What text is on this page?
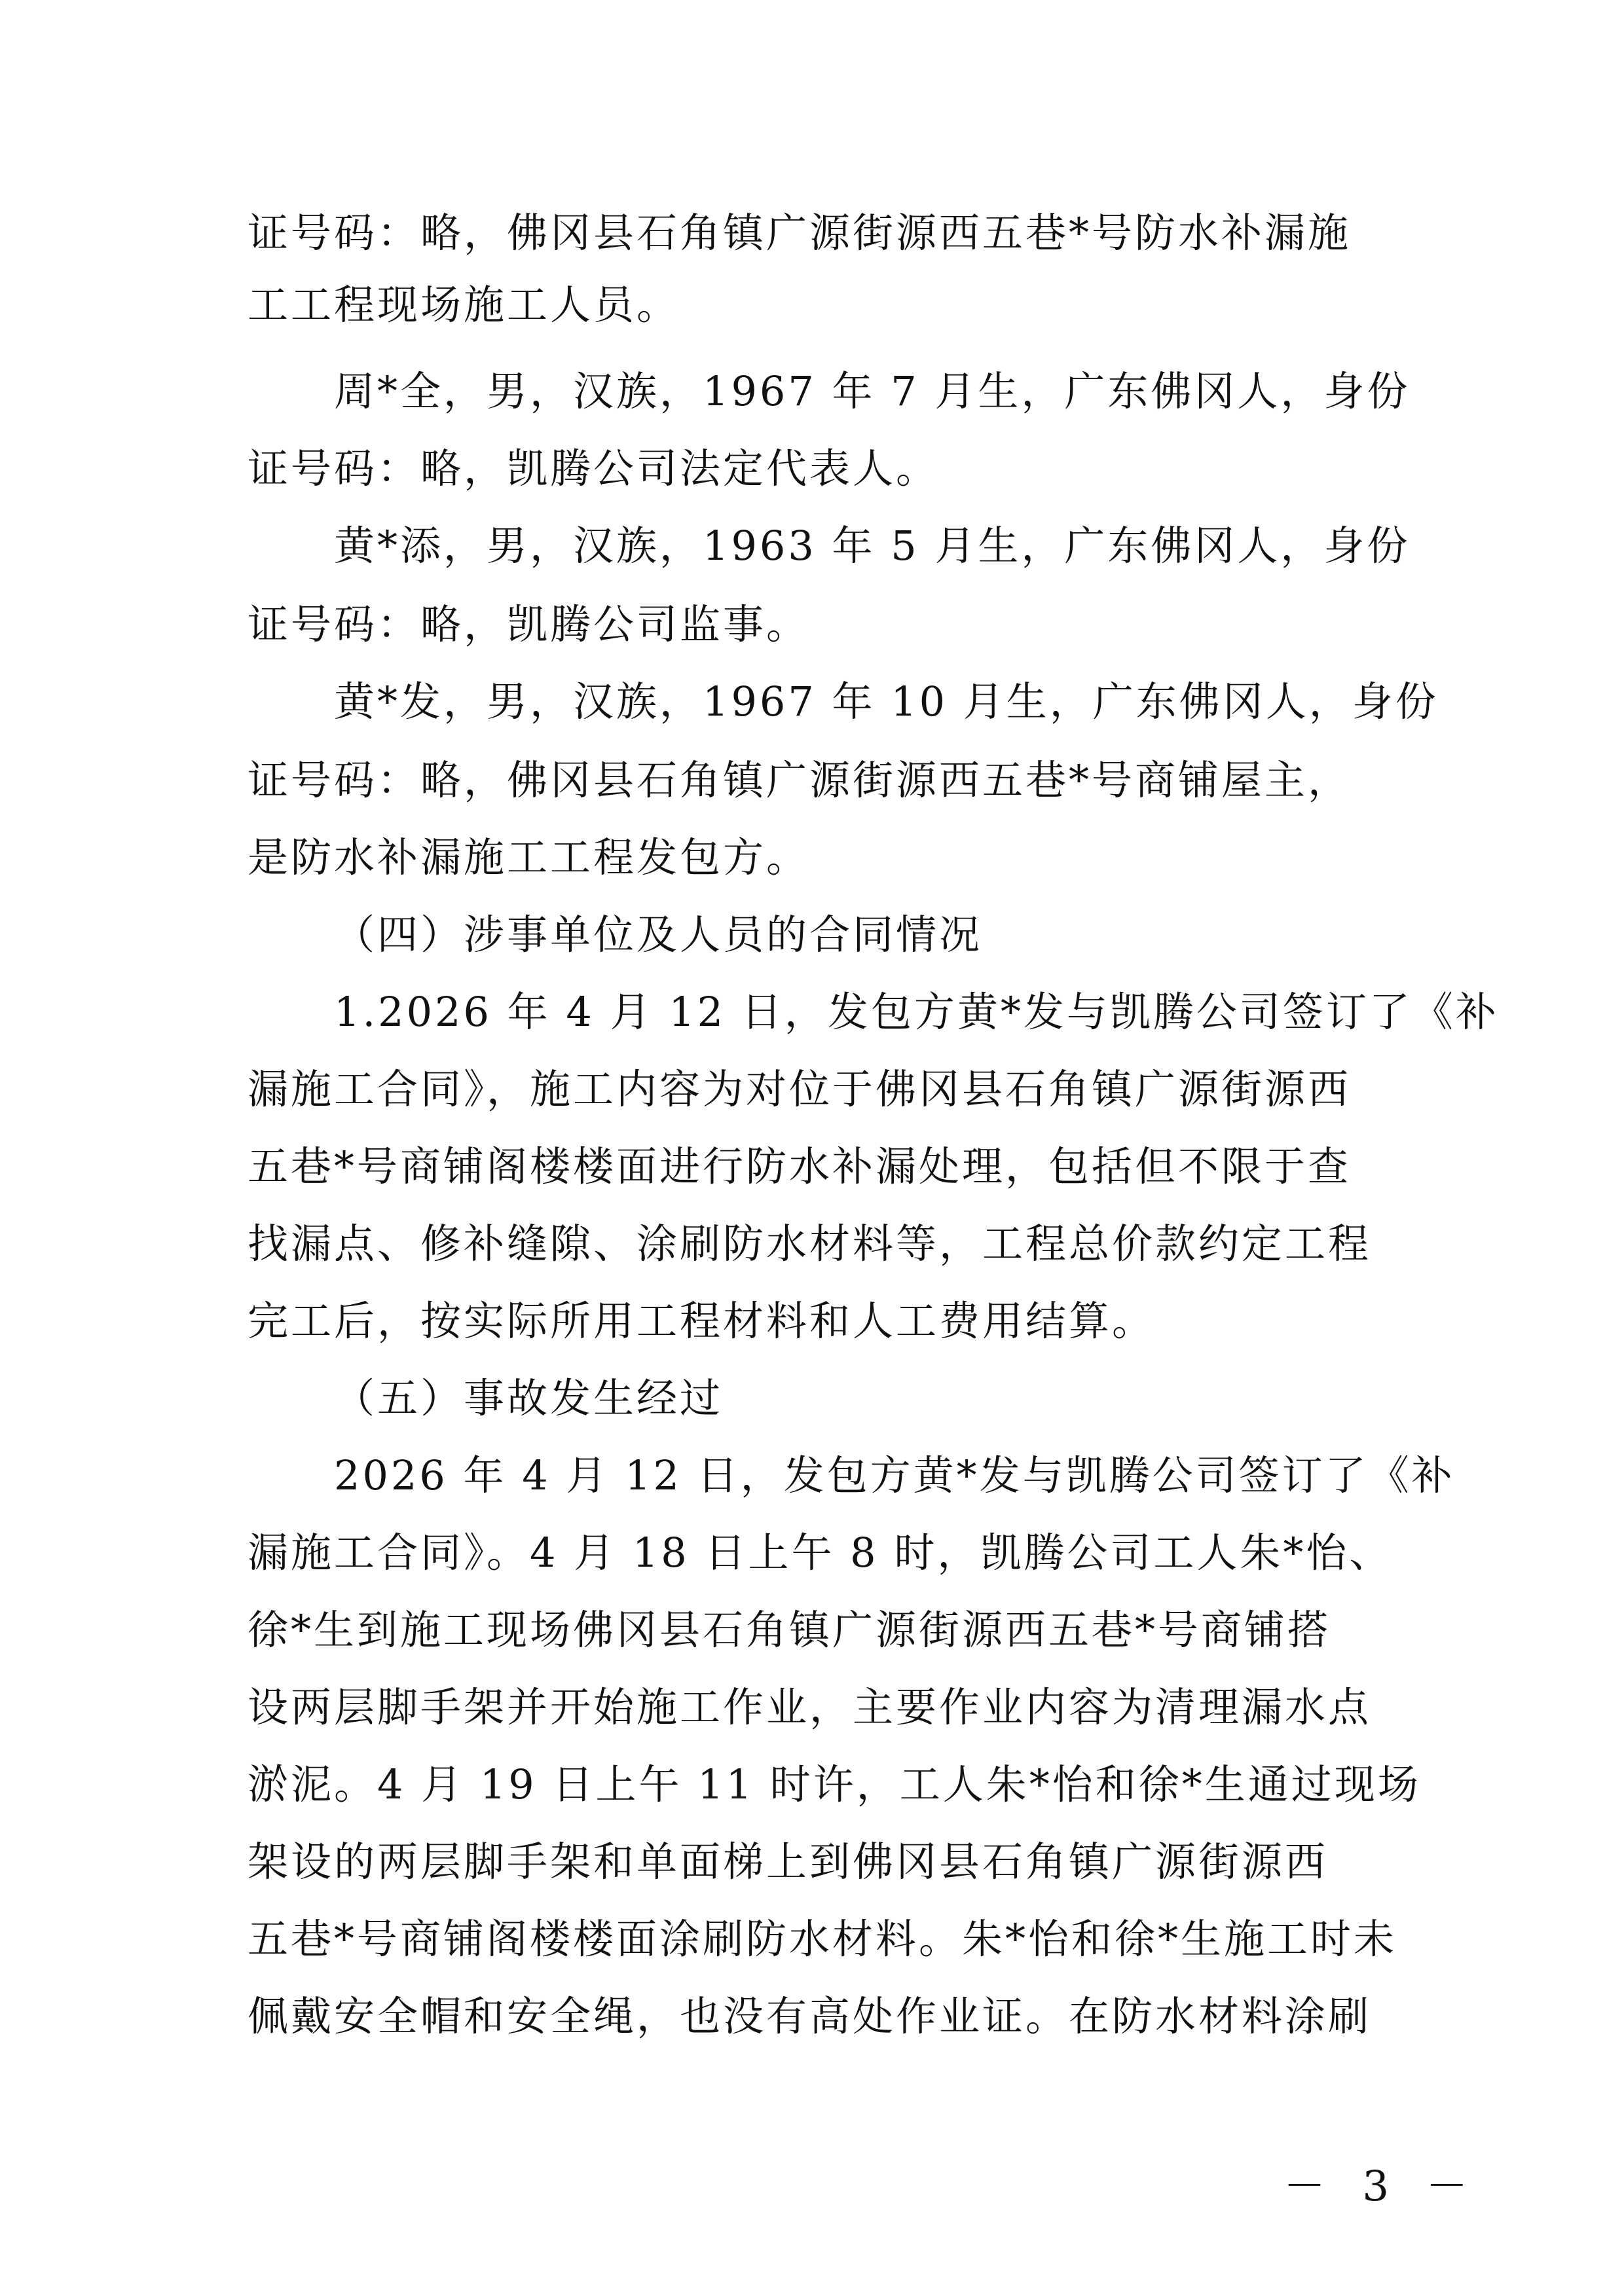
证号码：略，佛冈县石角镇广源街源西五巷*号防水补漏施
工工程现场施工人员。
周*全，男，汉族，1967 年 7 月生，广东佛冈人，身份
证号码：略，凯腾公司法定代表人。
黄*添，男，汉族，1963 年 5 月生，广东佛冈人，身份
证号码：略，凯腾公司监事。
黄*发，男，汉族，1967 年 10 月生，广东佛冈人，身份
证号码：略，佛冈县石角镇广源街源西五巷*号商铺屋主，
是防水补漏施工工程发包方。
（四）涉事单位及人员的合同情况
1.2026 年 4 月 12 日，发包方黄*发与凯腾公司签订了《补
漏施工合同》，施工内容为对位于佛冈县石角镇广源街源西
五巷*号商铺阁楼楼面进行防水补漏处理，包括但不限于查
找漏点、修补缝隙、涂刷防水材料等，工程总价款约定工程
完工后，按实际所用工程材料和人工费用结算。
（五）事故发生经过
2026 年 4 月 12 日，发包方黄*发与凯腾公司签订了《补
漏施工合同》。4 月 18 日上午 8 时，凯腾公司工人朱*怡、
徐*生到施工现场佛冈县石角镇广源街源西五巷*号商铺搭
设两层脚手架并开始施工作业，主要作业内容为清理漏水点
淤泥。4 月 19 日上午 11 时许，工人朱*怡和徐*生通过现场
架设的两层脚手架和单面梯上到佛冈县石角镇广源街源西
五巷*号商铺阁楼楼面涂刷防水材料。朱*怡和徐*生施工时未
佩戴安全帽和安全绳，也没有高处作业证。在防水材料涂刷
－ 3 －
